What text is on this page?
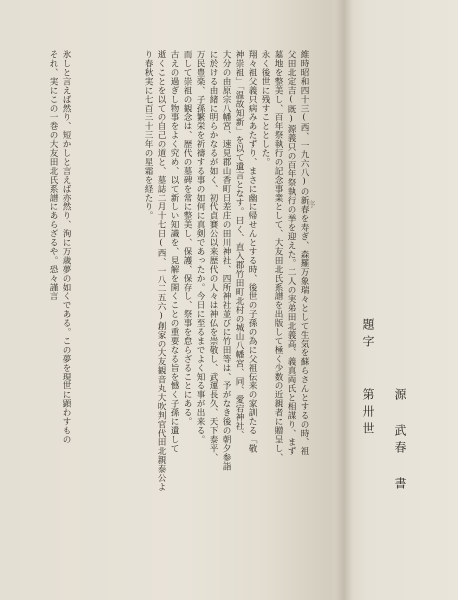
序
維時昭和四十三(西、一九六八)の新春を寿ぎ、森羅万象瑞々として生気を蘇らさんとするの時、祖
父田北定吉(既)源義只の百年祭執行の挙を迎えた。二人の実弟田北義高、義真両氏と相謀り、まず
墓地を整美し、百年祭執行の記念事業として、大友田北氏系譜を出版して極く少数の近親者に贈呈し、
永く後世に残すこととした。
翔々祖父義只病みあたずり、まさに幽に帰せんとする時、後世の子孫の為に父祖伝来の家訓たる「敬
神崇祖」「温故知新」を以て遺言となす。曰く、直入郡竹田町北村の城山八幡宮、同、愛宕神社、
大分の由原宗八幡宮、速見郡山香町日差庄の田川神社、四所神社並びに竹田等は、予がなき後の朝夕参詣
に於ける由緒に明らかなるが如く、初代貞賽公以来歴代の人々は神仏を崇敬し、武運長久、天下泰平、
万民豊楽、子孫繁栄を祈禱する事の如何に真剣であったか。今日に至るまでよく知る事が出来る。
而して崇祖の観念は、歴代の墓碑を常に整美し、保護、保存し、祭事を怠らざることにある。
古えの過ぎし物事をよく究め、以て新しい知識を、見解を開くことの重要なる旨を憾く子孫に遺して
逝くことを以ての自己の道と、墓誌二月十七日(西、一八二五六)創家の大友観音丸大吹判官代田北親泰公よ
り春秋実に七百三十三年の星霜を経たり。
氷しと言えば然り、短かしと言えば亦然り、洵に万歳夢の如くである。この夢を現世に顕わすもの
それ、実にこの一巻の大友田北氏系譜にあらざるや。恐々謹言
題字
第卅世 源 武春 書
